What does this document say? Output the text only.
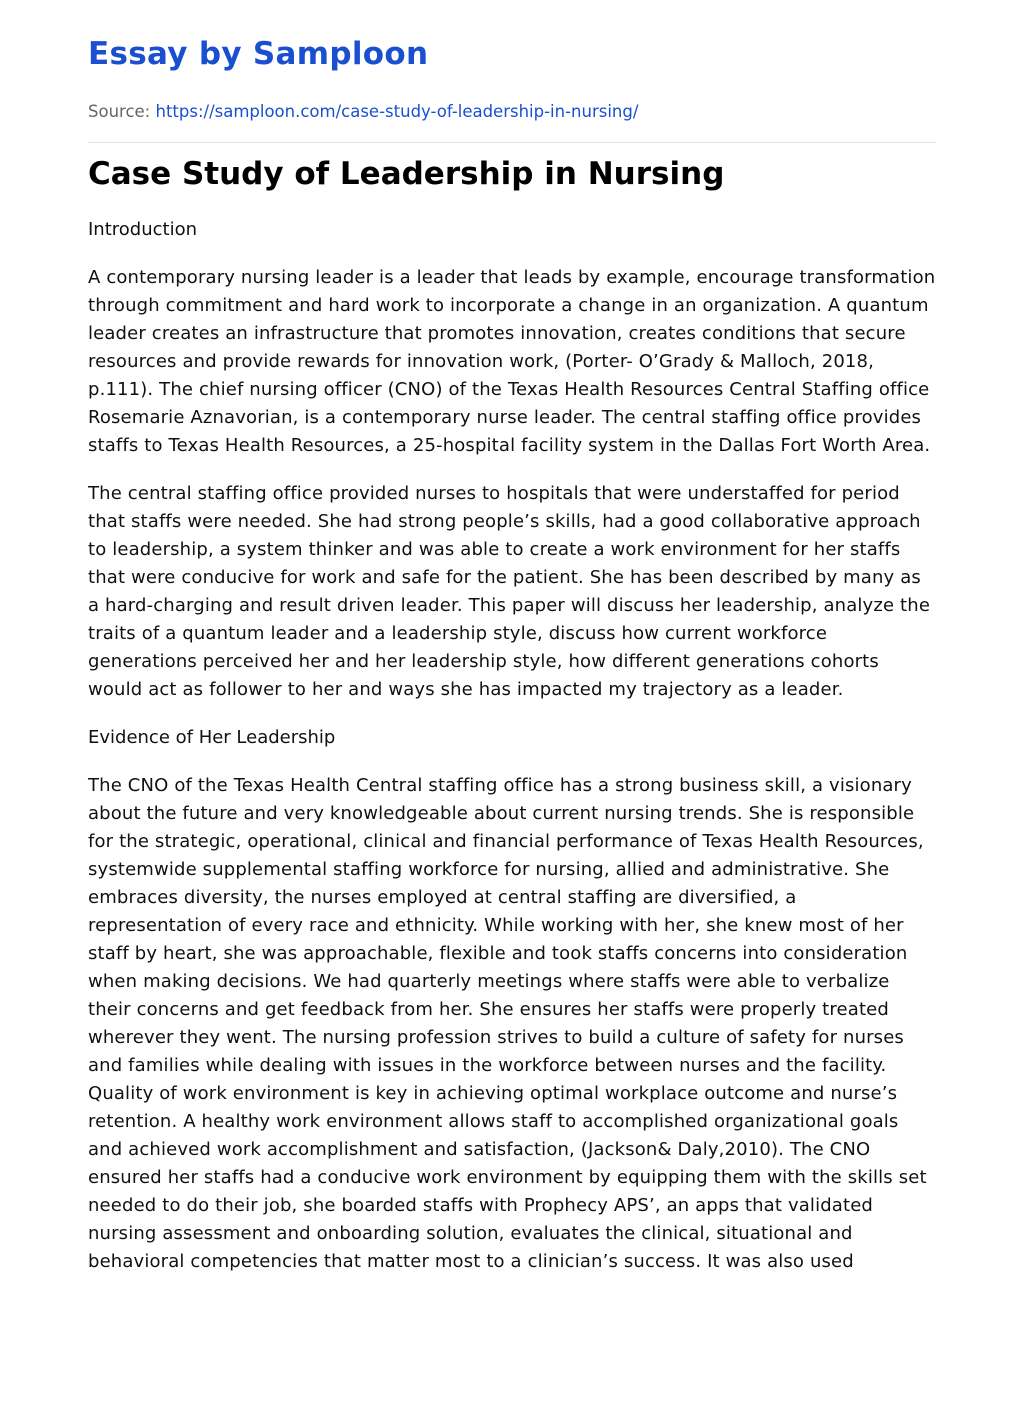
Essay by Samploon
Source: https://samploon.com/case-study-of-leadership-in-nursing/
Case Study of Leadership in Nursing
Introduction

A contemporary nursing leader is a leader that leads by example, encourage transformation through commitment and hard work to incorporate a change in an organization. A quantum leader creates an infrastructure that promotes innovation, creates conditions that secure resources and provide rewards for innovation work, (Porter- O’Grady & Malloch, 2018, p.111). The chief nursing officer (CNO) of the Texas Health Resources Central Staffing office Rosemarie Aznavorian, is a contemporary nurse leader. The central staffing office provides staffs to Texas Health Resources, a 25-hospital facility system in the Dallas Fort Worth Area.

The central staffing office provided nurses to hospitals that were understaffed for period that staffs were needed. She had strong people’s skills, had a good collaborative approach to leadership, a system thinker and was able to create a work environment for her staffs that were conducive for work and safe for the patient. She has been described by many as a hard-charging and result driven leader. This paper will discuss her leadership, analyze the traits of a quantum leader and a leadership style, discuss how current workforce generations perceived her and her leadership style, how different generations cohorts would act as follower to her and ways she has impacted my trajectory as a leader.

Evidence of Her Leadership

The CNO of the Texas Health Central staffing office has a strong business skill, a visionary about the future and very knowledgeable about current nursing trends. She is responsible for the strategic, operational, clinical and financial performance of Texas Health Resources, systemwide supplemental staffing workforce for nursing, allied and administrative. She embraces diversity, the nurses employed at central staffing are diversified, a representation of every race and ethnicity. While working with her, she knew most of her staff by heart, she was approachable, flexible and took staffs concerns into consideration when making decisions. We had quarterly meetings where staffs were able to verbalize their concerns and get feedback from her. She ensures her staffs were properly treated wherever they went. The nursing profession strives to build a culture of safety for nurses and families while dealing with issues in the workforce between nurses and the facility. Quality of work environment is key in achieving optimal workplace outcome and nurse’s retention. A healthy work environment allows staff to accomplished organizational goals and achieved work accomplishment and satisfaction, (Jackson& Daly,2010). The CNO ensured her staffs had a conducive work environment by equipping them with the skills set needed to do their job, she boarded staffs with Prophecy APS’, an apps that validated nursing assessment and onboarding solution, evaluates the clinical, situational and behavioral competencies that matter most to a clinician’s success. It was also used
